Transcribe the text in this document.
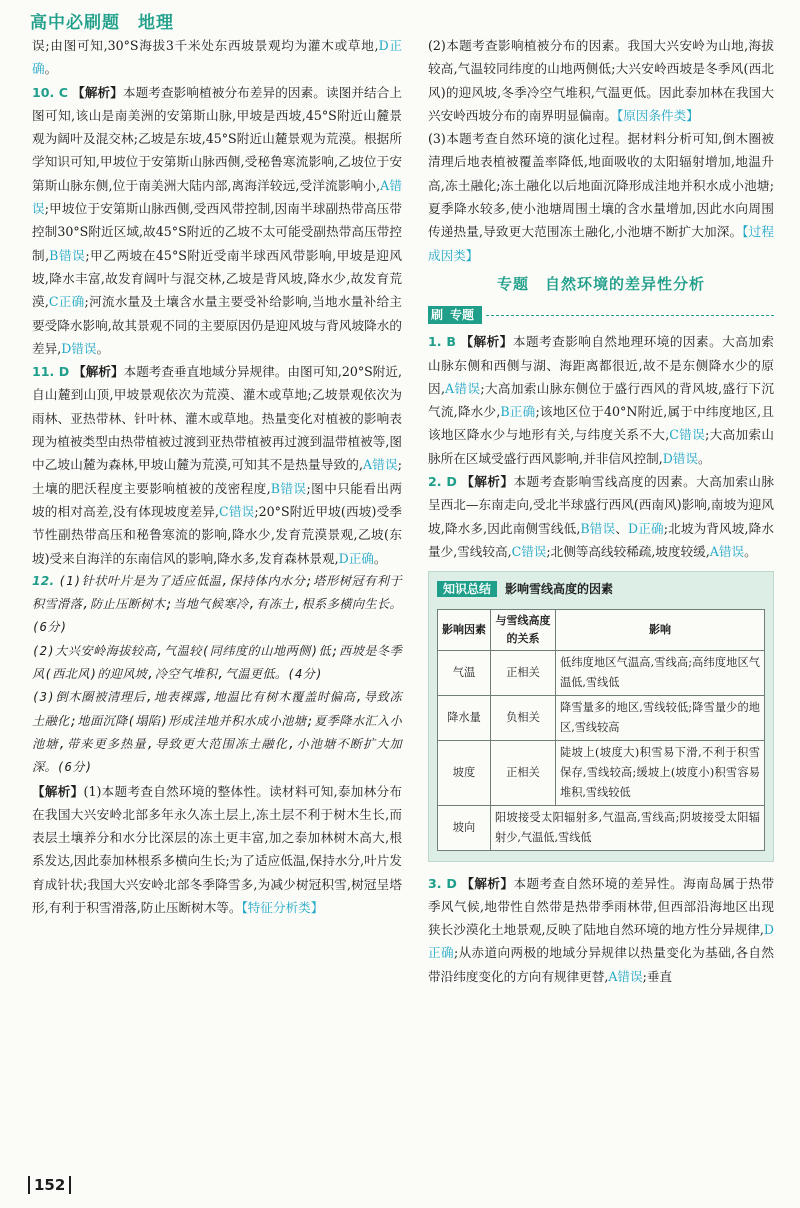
高中必刷题 地理

误;由图可知,30°S海拔3千米处东西坡景观均为灌木或草地,D正确。

10. C 【解析】本题考查影响植被分布差异的因素。读图并结合上图可知,该山是南美洲的安第斯山脉,甲坡是西坡,45°S附近山麓景观为阔叶及混交林;乙坡是东坡,45°S附近山麓景观为荒漠。根据所学知识可知,甲坡位于安第斯山脉西侧,受秘鲁寒流影响,乙坡位于安第斯山脉东侧,位于南美洲大陆内部,离海洋较远,受洋流影响小,A错误;甲坡位于安第斯山脉西侧,受西风带控制,因南半球副热带高压带控制30°S附近区域,故45°S附近的乙坡不太可能受副热带高压带控制,B错误;甲乙两坡在45°S附近受南半球西风带影响,甲坡是迎风坡,降水丰富,故发育阔叶与混交林,乙坡是背风坡,降水少,故发育荒漠,C正确;河流水量及土壤含水量主要受补给影响,当地水量补给主要受降水影响,故其景观不同的主要原因仍是迎风坡与背风坡降水的差异,D错误。

11. D 【解析】本题考查垂直地域分异规律。由图可知,20°S附近,自山麓到山顶,甲坡景观依次为荒漠、灌木或草地;乙坡景观依次为雨林、亚热带林、针叶林、灌木或草地。热量变化对植被的影响表现为植被类型由热带植被过渡到亚热带植被再过渡到温带植被等,图中乙坡山麓为森林,甲坡山麓为荒漠,可知其不是热量导致的,A错误;土壤的肥沃程度主要影响植被的茂密程度,B错误;图中只能看出两坡的相对高差,没有体现坡度差异,C错误;20°S附近甲坡(西坡)受季节性副热带高压和秘鲁寒流的影响,降水少,发育荒漠景观,乙坡(东坡)受来自海洋的东南信风的影响,降水多,发育森林景观,D正确。

12. (1)针状叶片是为了适应低温,保持体内水分;塔形树冠有利于积雪滑落,防止压断树木;当地气候寒冷,有冻土,根系多横向生长。(6分)

(2)大兴安岭海拔较高,气温较(同纬度的山地两侧)低;西坡是冬季风(西北风)的迎风坡,冷空气堆积,气温更低。(4分)

(3)倒木圈被清理后,地表裸露,地温比有树木覆盖时偏高,导致冻土融化;地面沉降(塌陷)形成洼地并积水成小池塘;夏季降水汇入小池塘,带来更多热量,导致更大范围冻土融化,小池塘不断扩大加深。(6分)

【解析】(1)本题考查自然环境的整体性。读材料可知,泰加林分布在我国大兴安岭北部多年永久冻土层上,冻土层不利于树木生长,而表层土壤养分和水分比深层的冻土更丰富,加之泰加林树木高大,根系发达,因此泰加林根系多横向生长;为了适应低温,保持水分,叶片发育成针状;我国大兴安岭北部冬季降雪多,为减少树冠积雪,树冠呈塔形,有利于积雪滑落,防止压断树木等。【特征分析类】

(2)本题考查影响植被分布的因素。我国大兴安岭为山地,海拔较高,气温较同纬度的山地两侧低;大兴安岭西坡是冬季风(西北风)的迎风坡,冬季冷空气堆积,气温更低。因此泰加林在我国大兴安岭西坡分布的南界明显偏南。【原因条件类】

(3)本题考查自然环境的演化过程。据材料分析可知,倒木圈被清理后地表植被覆盖率降低,地面吸收的太阳辐射增加,地温升高,冻土融化;冻土融化以后地面沉降形成洼地并积水成小池塘;夏季降水较多,使小池塘周围土壤的含水量增加,因此水向周围传递热量,导致更大范围冻土融化,小池塘不断扩大加深。【过程成因类】

专题　自然环境的差异性分析
刷 专题

1. B 【解析】本题考查影响自然地理环境的因素。大高加索山脉东侧和西侧与湖、海距离都很近,故不是东侧降水少的原因,A错误;大高加索山脉东侧位于盛行西风的背风坡,盛行下沉气流,降水少,B正确;该地区位于40°N附近,属于中纬度地区,且该地区降水少与地形有关,与纬度关系不大,C错误;大高加索山脉所在区域受盛行西风影响,并非信风控制,D错误。

2. D 【解析】本题考查影响雪线高度的因素。大高加索山脉呈西北—东南走向,受北半球盛行西风(西南风)影响,南坡为迎风坡,降水多,因此南侧雪线低,B错误、D正确;北坡为背风坡,降水量少,雪线较高,C错误;北侧等高线较稀疏,坡度较缓,A错误。

知识总结 影响雪线高度的因素
影响因素	与雪线高度的关系	影响
气温	正相关	低纬度地区气温高,雪线高;高纬度地区气温低,雪线低
降水量	负相关	降雪量多的地区,雪线较低;降雪量少的地区,雪线较高
坡度	正相关	陡坡上(坡度大)积雪易下滑,不利于积雪保存,雪线较高;缓坡上(坡度小)积雪容易堆积,雪线较低
坡向	阳坡接受太阳辐射多,气温高,雪线高;阴坡接受太阳辐射少,气温低,雪线低	

3. D 【解析】本题考查自然环境的差异性。海南岛属于热带季风气候,地带性自然带是热带季雨林带,但西部沿海地区出现狭长沙漠化土地景观,反映了陆地自然环境的地方性分异规律,D正确;从赤道向两极的地域分异规律以热量变化为基础,各自然带沿纬度变化的方向有规律更替,A错误;垂直

152
